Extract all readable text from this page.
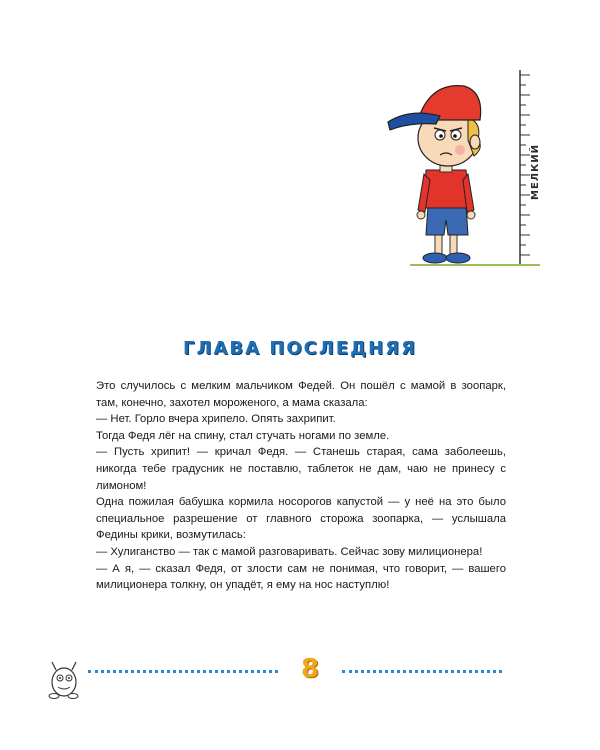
МЕЛКИЙ
ГЛАВА ПОСЛЕДНЯЯ

Это случилось с мелким мальчиком Федей. Он пошёл с мамой в зоопарк, там, конечно, захотел мороженого, а мама сказала:

— Нет. Горло вчера хрипело. Опять захрипит.

Тогда Федя лёг на спину, стал стучать ногами по земле.

— Пусть хрипит! — кричал Федя. — Станешь старая, сама заболеешь, никогда тебе градусник не поставлю, таблеток не дам, чаю не принесу с лимоном!

Одна пожилая бабушка кормила носорогов капустой — у неё на это было специальное разрешение от главного сторожа зоопарка, — услышала Федины крики, возмутилась:

— Хулиганство — так с мамой разговаривать. Сейчас зову милиционера!

— А я, — сказал Федя, от злости сам не понимая, что говорит, — вашего милиционера толкну, он упадёт, я ему на нос наступлю!

8
